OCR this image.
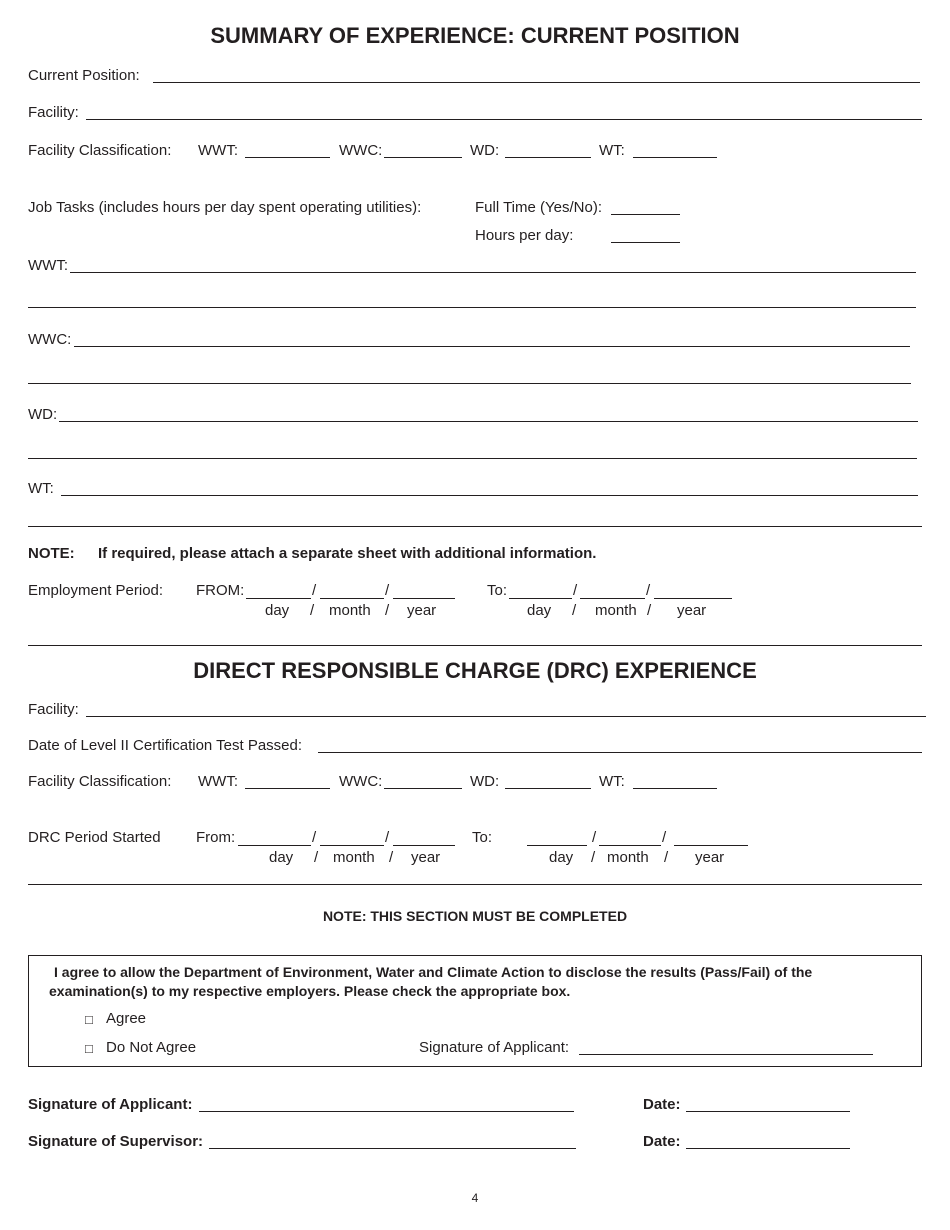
SUMMARY OF EXPERIENCE: CURRENT POSITION
Current Position:
Facility:
Facility Classification: WWT:	WWC:	WD:	WT:
Job Tasks (includes hours per day spent operating utilities):	Full Time (Yes/No):
Hours per day:
WWT:
WWC:
WD:
WT:
NOTE: If required, please attach a separate sheet with additional information.
Employment Period: FROM:	/	/
day / month / year
To:	/	/
day / month / year
DIRECT RESPONSIBLE CHARGE (DRC) EXPERIENCE
Facility:
Date of Level II Certification Test Passed:
Facility Classification: WWT:	WWC:	WD:	WT:
DRC Period Started From:	/	/
day / month / year
To:	/	/
day / month / year
NOTE: THIS SECTION MUST BE COMPLETED
I agree to allow the Department of Environment, Water and Climate Action to disclose the results (Pass/Fail) of the
examination(s) to my respective employers. Please check the appropriate box.
□ Agree
□ Do Not Agree	Signature of Applicant:
Signature of Applicant:	Date:
Signature of Supervisor:	Date:
4
